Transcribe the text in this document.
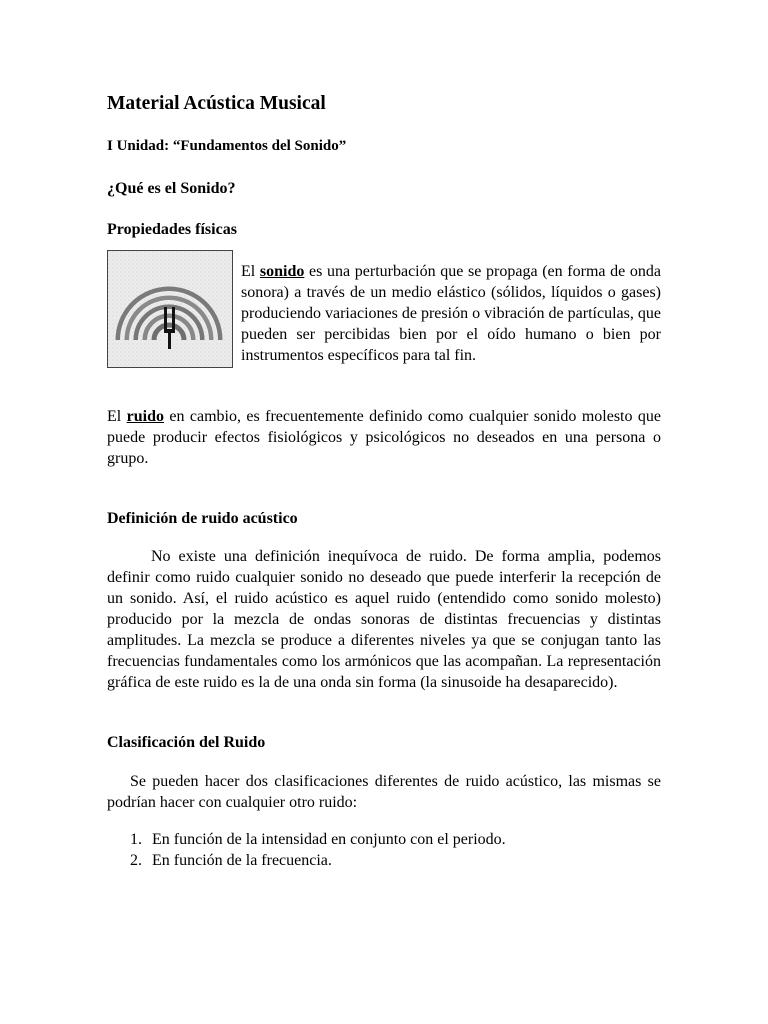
Material Acústica Musical
I Unidad: “Fundamentos del Sonido”
¿Qué es el Sonido?
Propiedades físicas

El sonido es una perturbación que se propaga (en forma de onda sonora) a través de un medio elástico (sólidos, líquidos o gases) produciendo variaciones de presión o vibración de partículas, que pueden ser percibidas bien por el oído humano o bien por instrumentos específicos para tal fin.

El ruido en cambio, es frecuentemente definido como cualquier sonido molesto que puede producir efectos fisiológicos y psicológicos no deseados en una persona o grupo.

Definición de ruido acústico

No existe una definición inequívoca de ruido. De forma amplia, podemos definir como ruido cualquier sonido no deseado que puede interferir la recepción de un sonido. Así, el ruido acústico es aquel ruido (entendido como sonido molesto) producido por la mezcla de ondas sonoras de distintas frecuencias y distintas amplitudes. La mezcla se produce a diferentes niveles ya que se conjugan tanto las frecuencias fundamentales como los armónicos que las acompañan. La representación gráfica de este ruido es la de una onda sin forma (la sinusoide ha desaparecido).

Clasificación del Ruido

Se pueden hacer dos clasificaciones diferentes de ruido acústico, las mismas se podrían hacer con cualquier otro ruido:

1. En función de la intensidad en conjunto con el periodo.
2. En función de la frecuencia.
